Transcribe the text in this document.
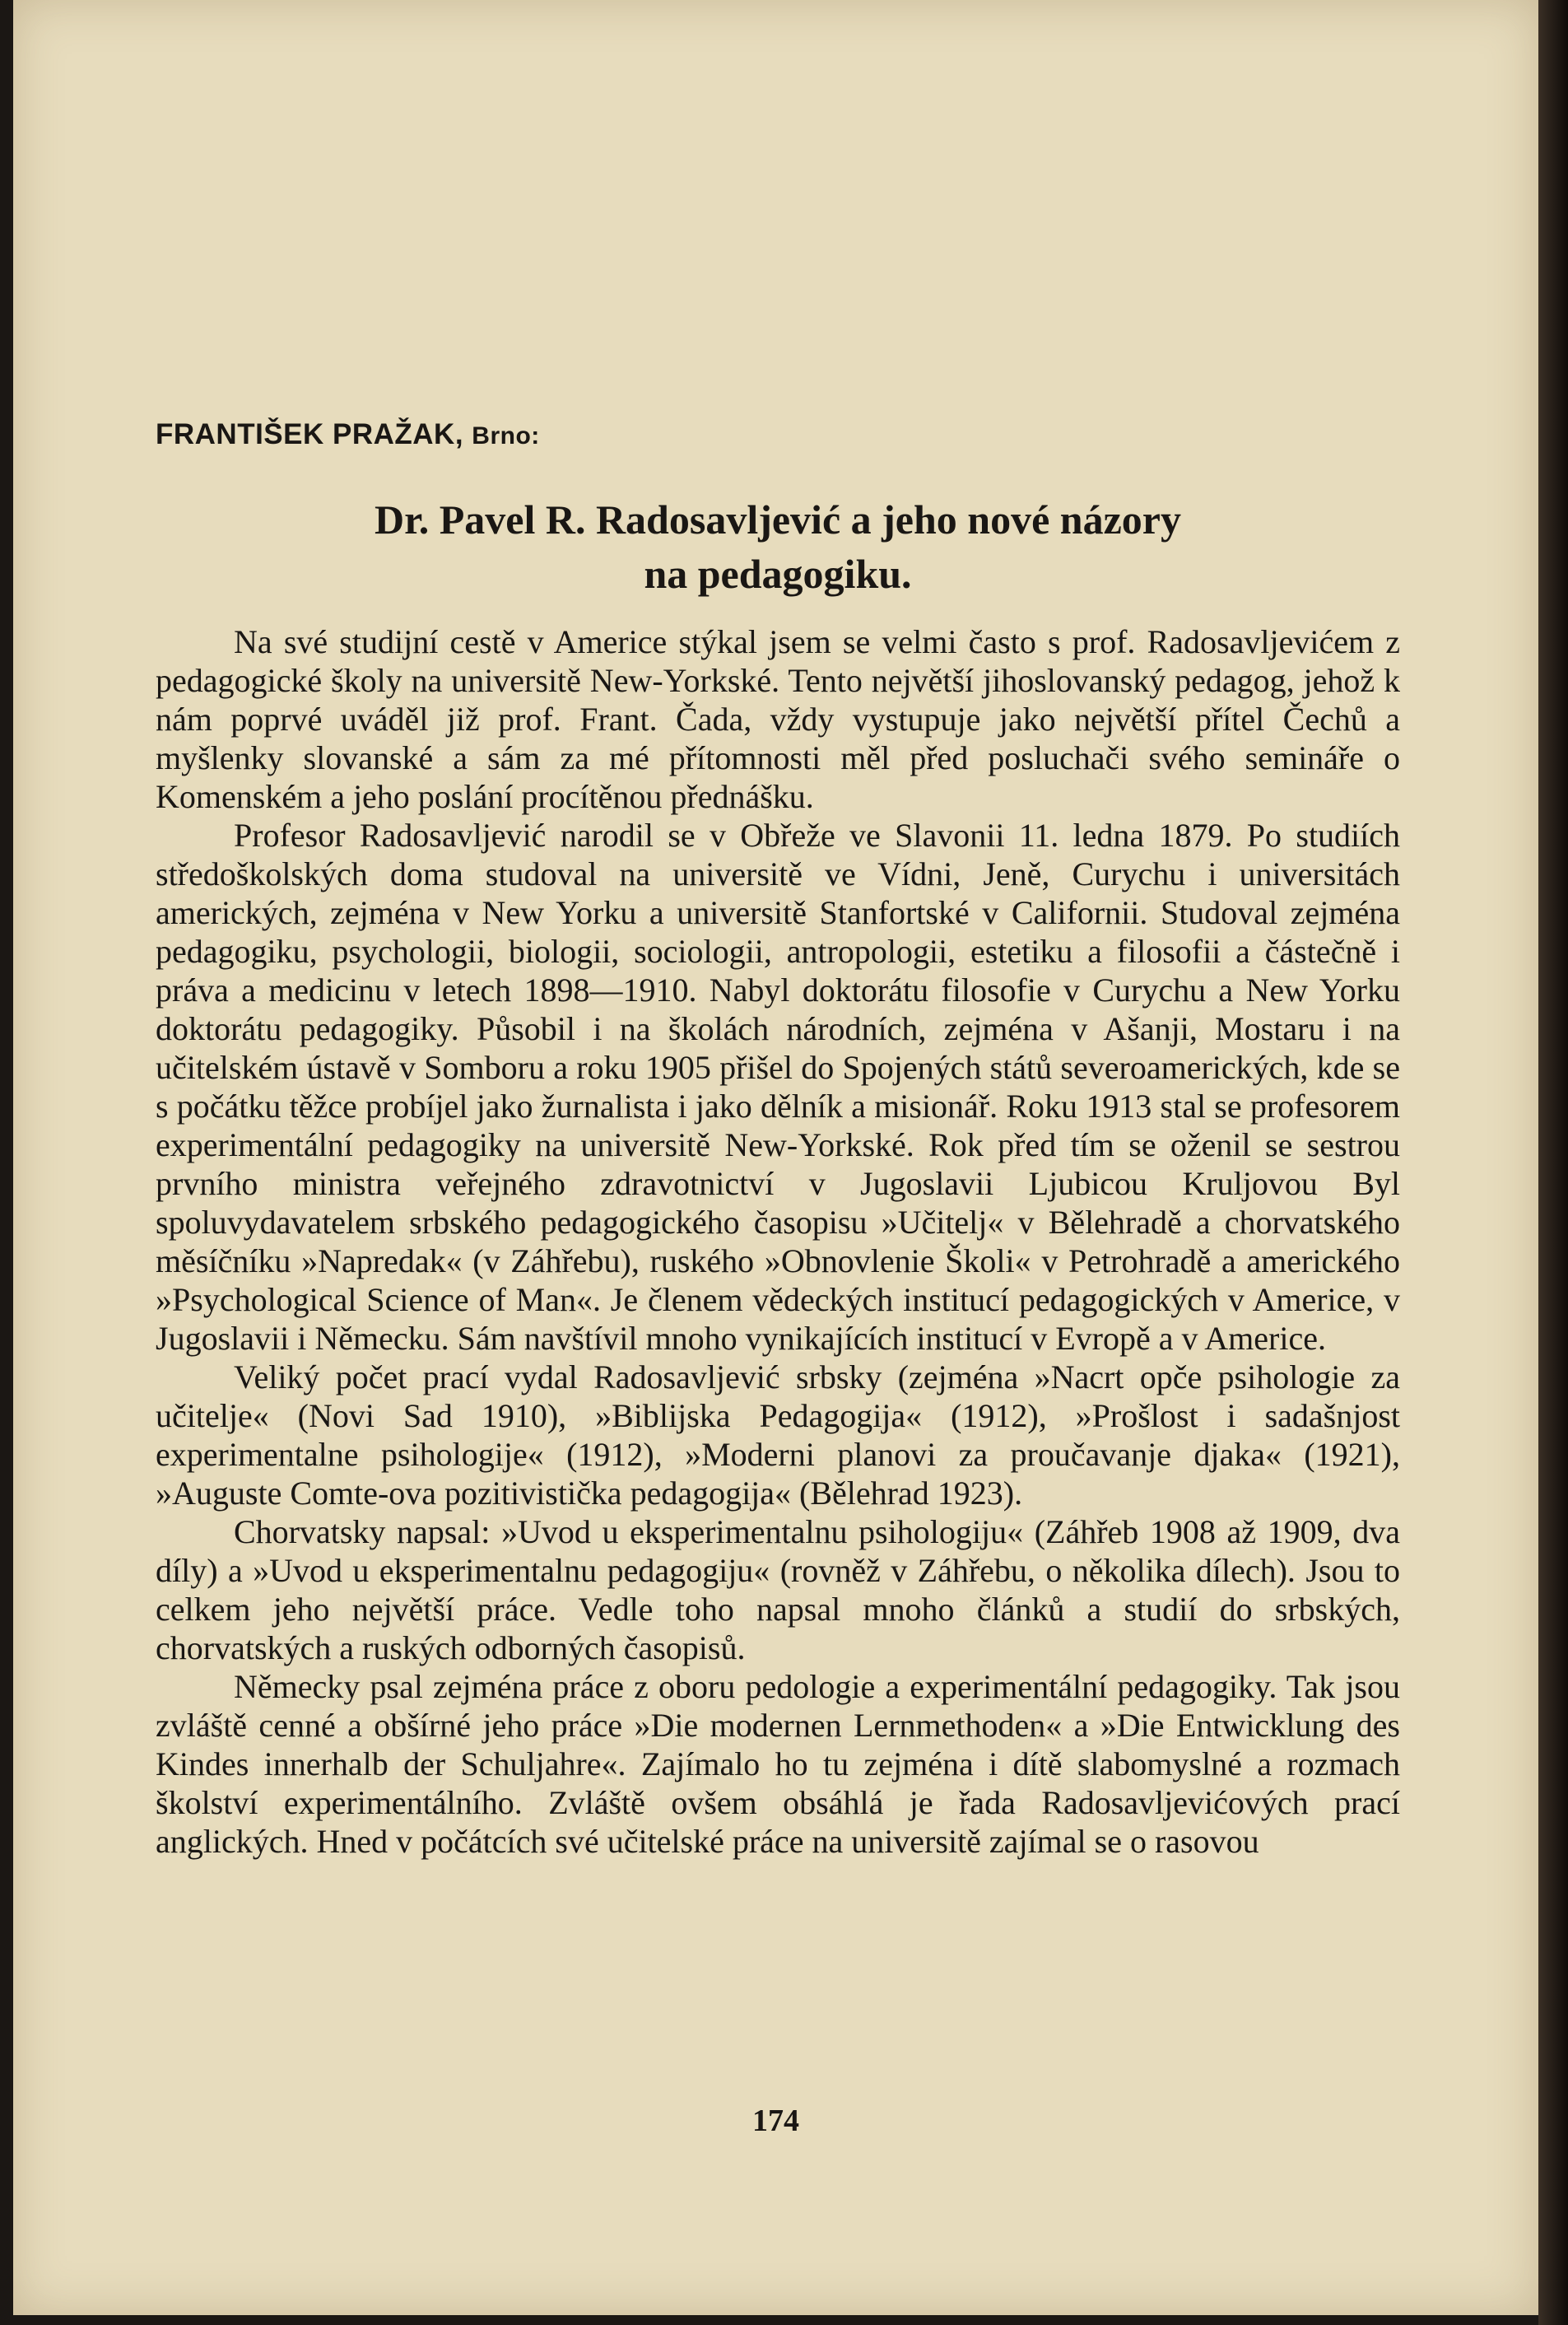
FRANTIŠEK PRAŽAK, Brno:
Dr. Pavel R. Radosavljević a jeho nové názory
na pedagogiku.

Na své studijní cestě v Americe stýkal jsem se velmi často s prof. Radosavljevićem z pedagogické školy na universitě New-Yorkské. Tento největší jihoslovanský pedagog, jehož k nám poprvé uváděl již prof. Frant. Čada, vždy vystupuje jako největší přítel Čechů a myšlenky slovanské a sám za mé přítomnosti měl před posluchači svého semináře o Komenském a jeho poslání procítěnou přednášku.

Profesor Radosavljević narodil se v Obřeže ve Slavonii 11. ledna 1879. Po studiích středoškolských doma studoval na universitě ve Vídni, Jeně, Curychu i universitách amerických, zejména v New Yorku a universitě Stanfortské v Californii. Studoval zejména pedagogiku, psychologii, biologii, sociologii, antropologii, estetiku a filosofii a částečně i práva a medicinu v letech 1898—1910. Nabyl doktorátu filosofie v Curychu a New Yorku doktorátu pedagogiky. Působil i na školách národních, zejména v Ašanji, Mostaru i na učitelském ústavě v Somboru a roku 1905 přišel do Spojených států severoamerických, kde se s počátku těžce probíjel jako žurnalista i jako dělník a misionář. Roku 1913 stal se profesorem experimentální pedagogiky na universitě New-Yorkské. Rok před tím se oženil se sestrou prvního ministra veřejného zdravotnictví v Jugoslavii Ljubicou Kruljovou Byl spoluvydavatelem srbského pedagogického časopisu »Učitelj« v Bělehradě a chorvatského měsíčníku »Napredak« (v Záhřebu), ruského »Obnovlenie Školi« v Petrohradě a amerického »Psychological Science of Man«. Je členem vědeckých institucí pedagogických v Americe, v Jugoslavii i Německu. Sám navštívil mnoho vynikajících institucí v Evropě a v Americe.

Veliký počet prací vydal Radosavljević srbsky (zejména »Nacrt opče psihologie za učitelje« (Novi Sad 1910), »Biblijska Pedagogija« (1912), »Prošlost i sadašnjost experimentalne psihologije« (1912), »Moderni planovi za proučavanje djaka« (1921), »Auguste Comte-ova pozitivistička pedagogija« (Bělehrad 1923).

Chorvatsky napsal: »Uvod u eksperimentalnu psihologiju« (Záhřeb 1908 až 1909, dva díly) a »Uvod u eksperimentalnu pedagogiju« (rovněž v Záhřebu, o několika dílech). Jsou to celkem jeho největší práce. Vedle toho napsal mnoho článků a studií do srbských, chorvatských a ruských odborných časopisů.

Německy psal zejména práce z oboru pedologie a experimentální pedagogiky. Tak jsou zvláště cenné a obšírné jeho práce »Die modernen Lernmethoden« a »Die Entwicklung des Kindes innerhalb der Schuljahre«. Zajímalo ho tu zejména i dítě slabomyslné a rozmach školství experimentálního. Zvláště ovšem obsáhlá je řada Radosavljevićových prací anglických. Hned v počátcích své učitelské práce na universitě zajímal se o rasovou

174
